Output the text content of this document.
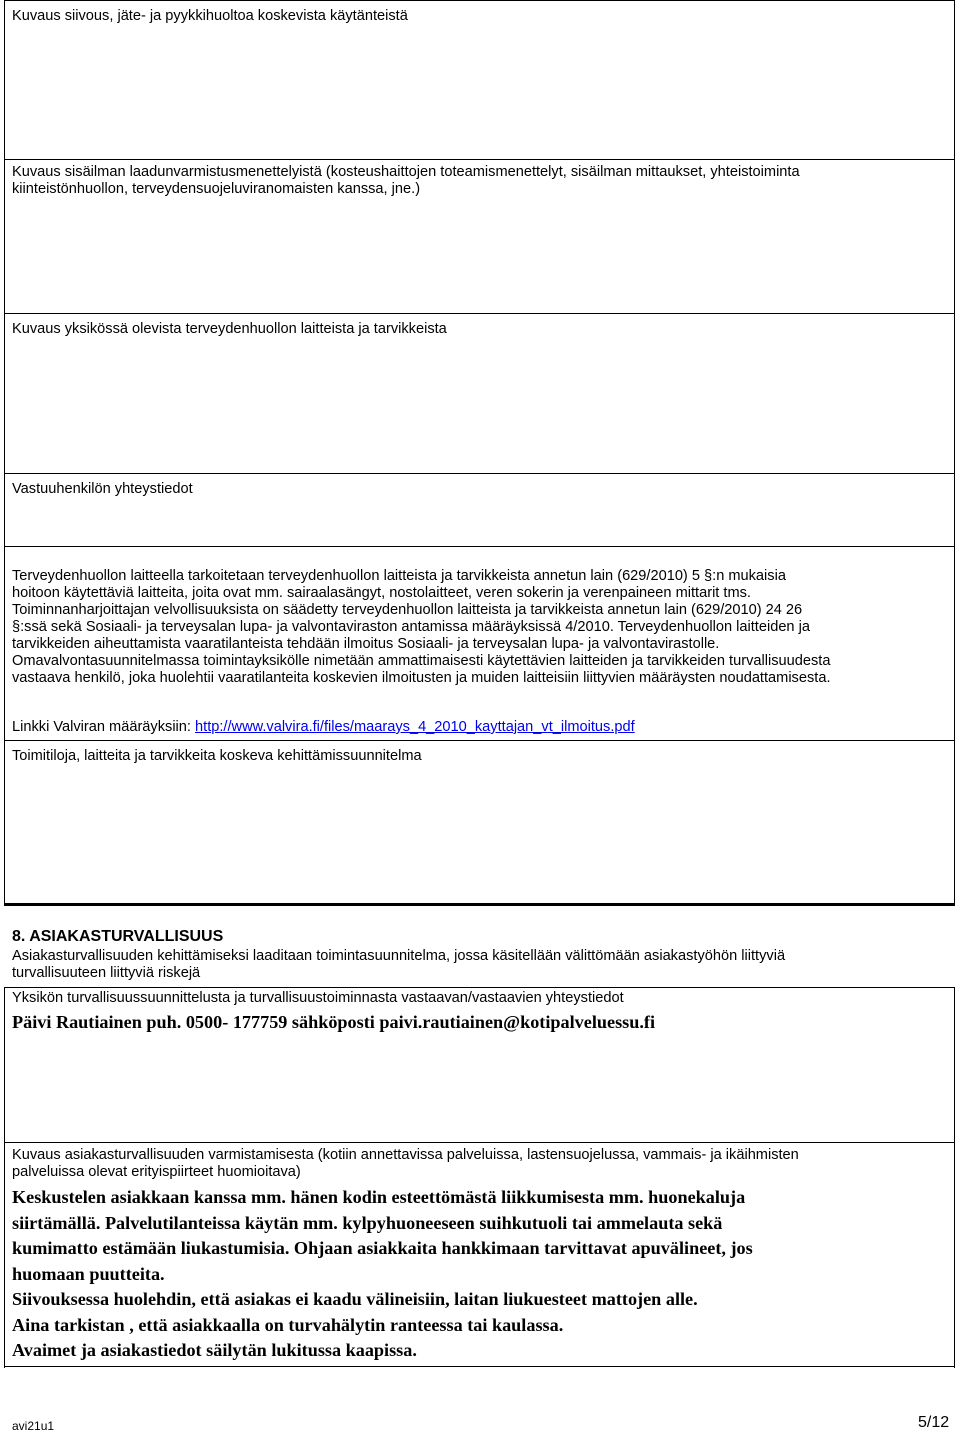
Kuvaus siivous, jäte- ja pyykkihuoltoa koskevista käytänteistä

Kuvaus sisäilman laadunvarmistusmenettelyistä (kosteushaittojen toteamismenettelyt, sisäilman mittaukset, yhteistoiminta
kiinteistönhuollon, terveydensuojeluviranomaisten kanssa, jne.)

Kuvaus yksikössä olevista terveydenhuollon laitteista ja tarvikkeista

Vastuuhenkilön yhteystiedot

Terveydenhuollon laitteella tarkoitetaan terveydenhuollon laitteista ja tarvikkeista annetun lain (629/2010) 5 §:n mukaisia
hoitoon käytettäviä laitteita, joita ovat mm. sairaalasängyt, nostolaitteet, veren sokerin ja verenpaineen mittarit tms.
Toiminnanharjoittajan velvollisuuksista on säädetty terveydenhuollon laitteista ja tarvikkeista annetun lain (629/2010) 24 26
§:ssä sekä Sosiaali- ja terveysalan lupa- ja valvontaviraston antamissa määräyksissä 4/2010. Terveydenhuollon laitteiden ja
tarvikkeiden aiheuttamista vaaratilanteista tehdään ilmoitus Sosiaali- ja terveysalan lupa- ja valvontavirastolle.
Omavalvontasuunnitelmassa toimintayksikölle nimetään ammattimaisesti käytettävien laitteiden ja tarvikkeiden turvallisuudesta
vastaava henkilö, joka huolehtii vaaratilanteita koskevien ilmoitusten ja muiden laitteisiin liittyvien määräysten noudattamisesta.

Linkki Valviran määräyksiin: http://www.valvira.fi/files/maarays_4_2010_kayttajan_vt_ilmoitus.pdf

Toimitiloja, laitteita ja tarvikkeita koskeva kehittämissuunnitelma

8. ASIAKASTURVALLISUUS

Asiakasturvallisuuden kehittämiseksi laaditaan toimintasuunnitelma, jossa käsitellään välittömään asiakastyöhön liittyviä
turvallisuuteen liittyviä riskejä

Yksikön turvallisuussuunnittelusta ja turvallisuustoiminnasta vastaavan/vastaavien yhteystiedot

Päivi Rautiainen puh. 0500- 177759 sähköposti paivi.rautiainen@kotipalveluessu.fi

Kuvaus asiakasturvallisuuden varmistamisesta (kotiin annettavissa palveluissa, lastensuojelussa, vammais- ja ikäihmisten
palveluissa olevat erityispiirteet huomioitava)

Keskustelen asiakkaan kanssa mm. hänen kodin esteettömästä liikkumisesta mm. huonekaluja
siirtämällä. Palvelutilanteissa käytän mm. kylpyhuoneeseen suihkutuoli tai ammelauta sekä
kumimatto estämään liukastumisia. Ohjaan asiakkaita hankkimaan tarvittavat apuvälineet, jos
huomaan puutteita.
Siivouksessa huolehdin, että asiakas ei kaadu välineisiin, laitan liukuesteet mattojen alle.
Aina tarkistan , että asiakkaalla on turvahälytin ranteessa tai kaulassa.
Avaimet ja asiakastiedot säilytän lukitussa kaapissa.
avi21u1	5/12
